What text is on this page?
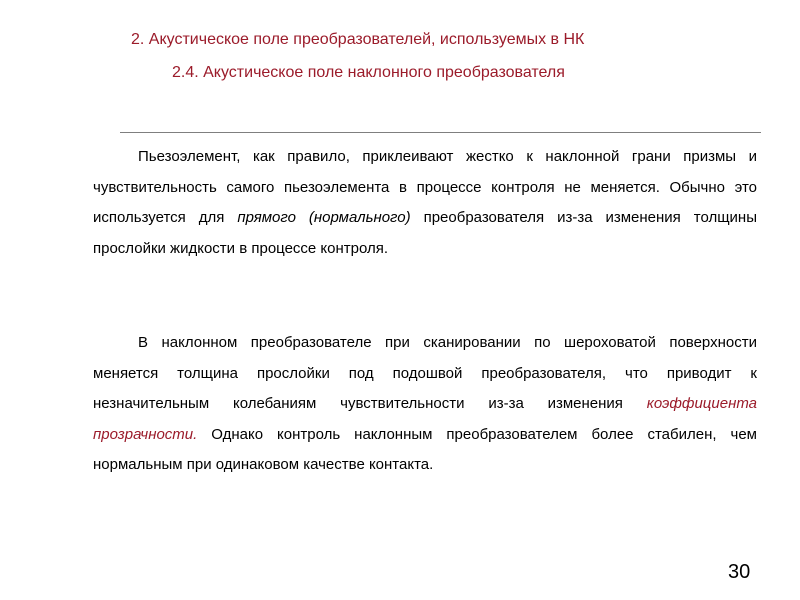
2. Акустическое поле преобразователей, используемых в НК
2.4. Акустическое поле наклонного преобразователя

Пьезоэлемент, как правило, приклеивают жестко к наклонной грани призмы и чувствительность самого пьезоэлемента в процессе контроля не меняется. Обычно это используется для прямого (нормального) преобразователя из-за изменения толщины прослойки жидкости в процессе контроля.

В наклонном преобразователе при сканировании по шероховатой поверхности меняется толщина прослойки под подошвой преобразователя, что приводит к незначительным колебаниям чувствительности из-за изменения коэффициента прозрачности. Однако контроль наклонным преобразователем более стабилен, чем нормальным при одинаковом качестве контакта.

30
